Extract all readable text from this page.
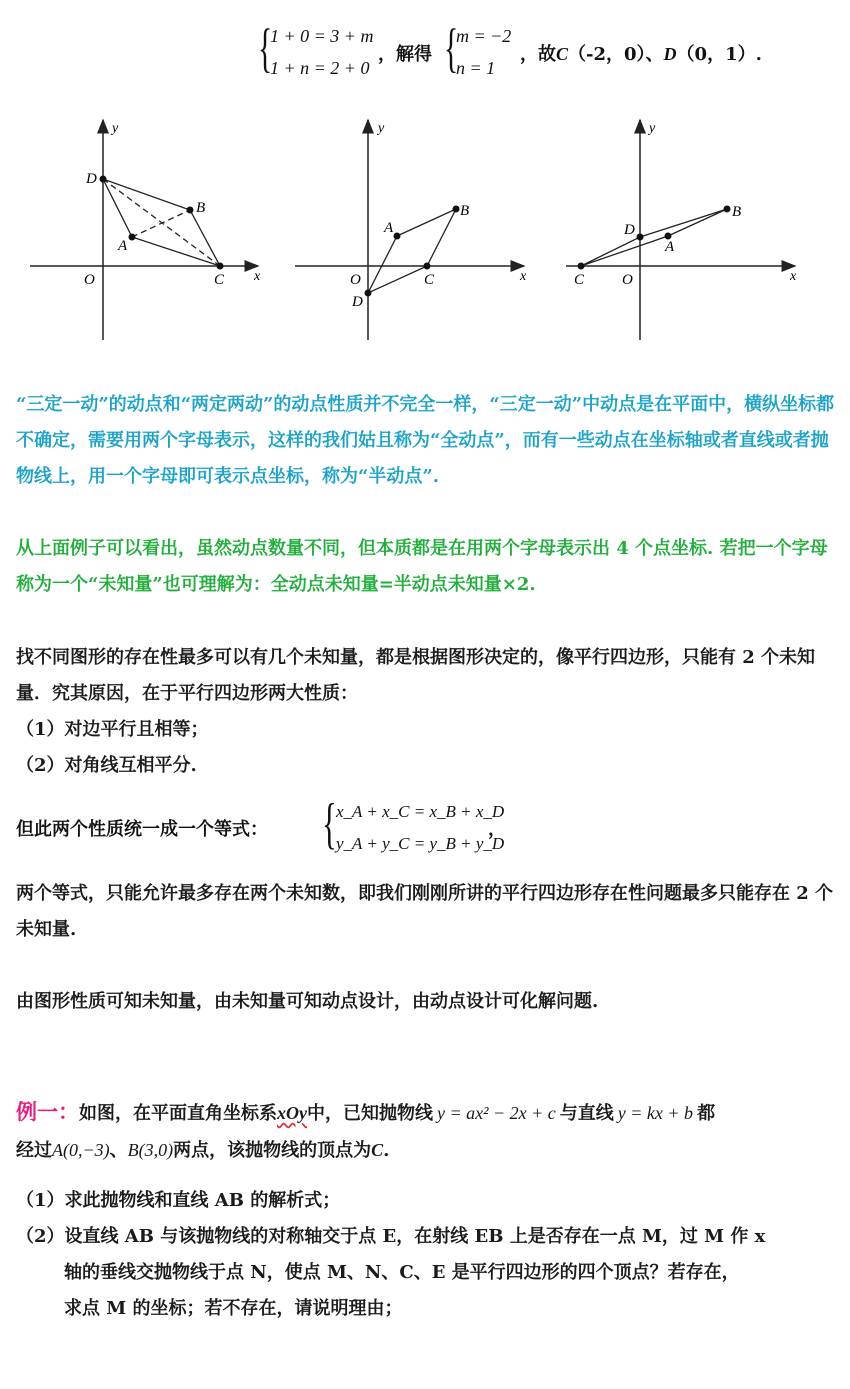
{
1 + 0 = 3 + m
1 + n = 2 + 0
，解得 {
m = −2
n = 1
，故C（-2，0）、D（0，1）.
x
y
O
D
B
A
C	x
y
O
A
B
C
D
x
y
O
C
D
B
A
“三定一动”的动点和“两定两动”的动点性质并不完全一样，“三定一动”中动点是在平面中，横纵坐标都不确定，需要用两个字母表示，这样的我们姑且称为“全动点”，而有一些动点在坐标轴或者直线或者抛物线上，用一个字母即可表示点坐标，称为“半动点”.
从上面例子可以看出，虽然动点数量不同，但本质都是在用两个字母表示出 4 个点坐标. 若把一个字母称为一个“未知量”也可理解为：全动点未知量=半动点未知量×2.
找不同图形的存在性最多可以有几个未知量，都是根据图形决定的，像平行四边形，只能有 2 个未知量．究其原因，在于平行四边形两大性质：
（1）对边平行且相等；
（2）对角线互相平分.
但此两个性质统一成一个等式： { x_A + x_C = x_B + x_D
y_A + y_C = y_B + y_D
，
两个等式，只能允许最多存在两个未知数，即我们刚刚所讲的平行四边形存在性问题最多只能存在 2 个未知量.
由图形性质可知未知量，由未知量可知动点设计，由动点设计可化解问题.
例一：如图，在平面直角坐标系xOy中，已知抛物线 y = ax² − 2x + c 与直线 y = kx + b 都
经过A(0,−3)、B(3,0)两点，该抛物线的顶点为C.
（1）求此抛物线和直线 AB 的解析式；
（2）设直线 AB 与该抛物线的对称轴交于点 E，在射线 EB 上是否存在一点 M，过 M 作 x
轴的垂线交抛物线于点 N，使点 M、N、C、E 是平行四边形的四个顶点？若存在，
求点 M 的坐标；若不存在，请说明理由；
